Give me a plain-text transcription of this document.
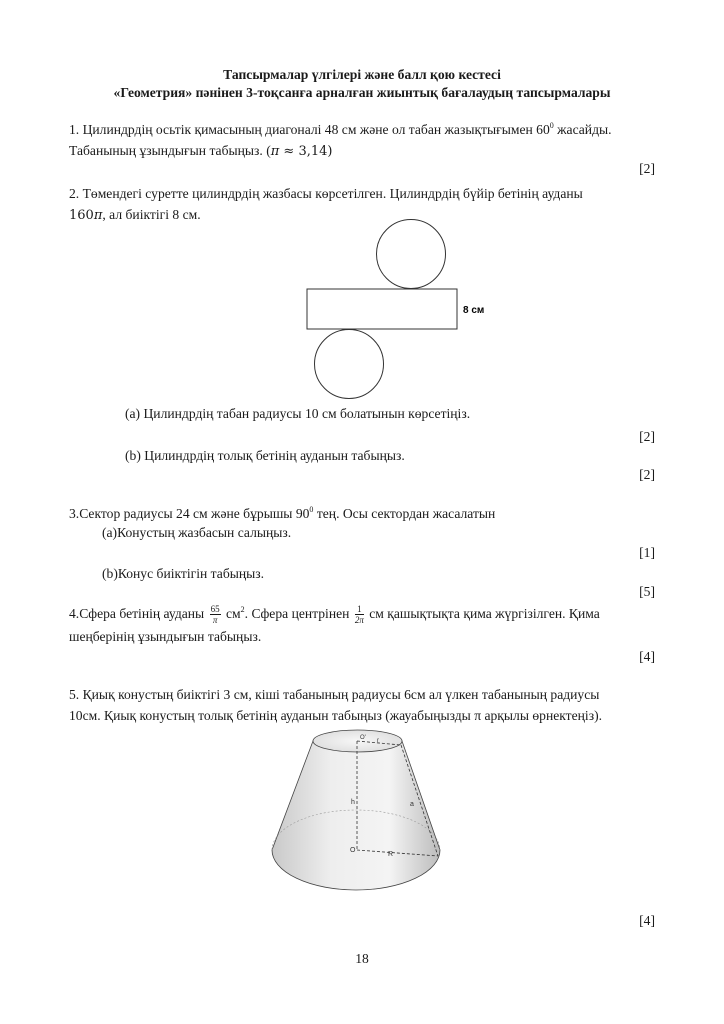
Тапсырмалар үлгілері және балл қою кестесі
«Геометрия» пәнінен 3-тоқсанға арналған жиынтық бағалаудың тапсырмалары
1. Цилиндрдің осьтік қимасының диагоналі 48 см және ол табан жазықтығымен $60^0$ жасайды.
Табанының ұзындығын табыңыз. (π ≈ 3,14)
[2]
2. Төмендегі суретте цилиндрдің жазбасы көрсетілген. Цилиндрдің бүйір бетінің ауданы
160π, ал биіктігі 8 см.
8 см
(a) Цилиндрдің табан радиусы 10 см болатынын көрсетіңіз.
[2]
(b) Цилиндрдің толық бетінің ауданын табыңыз.
[2]
3.Сектор радиусы 24 см және бұрышы $90^0$ тең. Осы сектордан жасалатын
(a)Конустың жазбасын салыңыз.
[1]
(b)Конус биіктігін табыңыз.
[5]
4.Сфера бетінің ауданы $\frac{65}{\pi} см^2$. Сфера центрінен $\frac{1}{2\pi}$ см қашықтықта қима жүргізілген. Қима
шеңберінің ұзындығын табыңыз.
[4]
5. Қиық конустың биіктігі 3 см, кіші табанының радиусы 6см ал үлкен табанының радиусы
10см. Қиық конустың толық бетінің ауданын табыңыз (жауабыңызды π арқылы өрнектеңіз).
O' r
h	a
O
R
[4]
18
